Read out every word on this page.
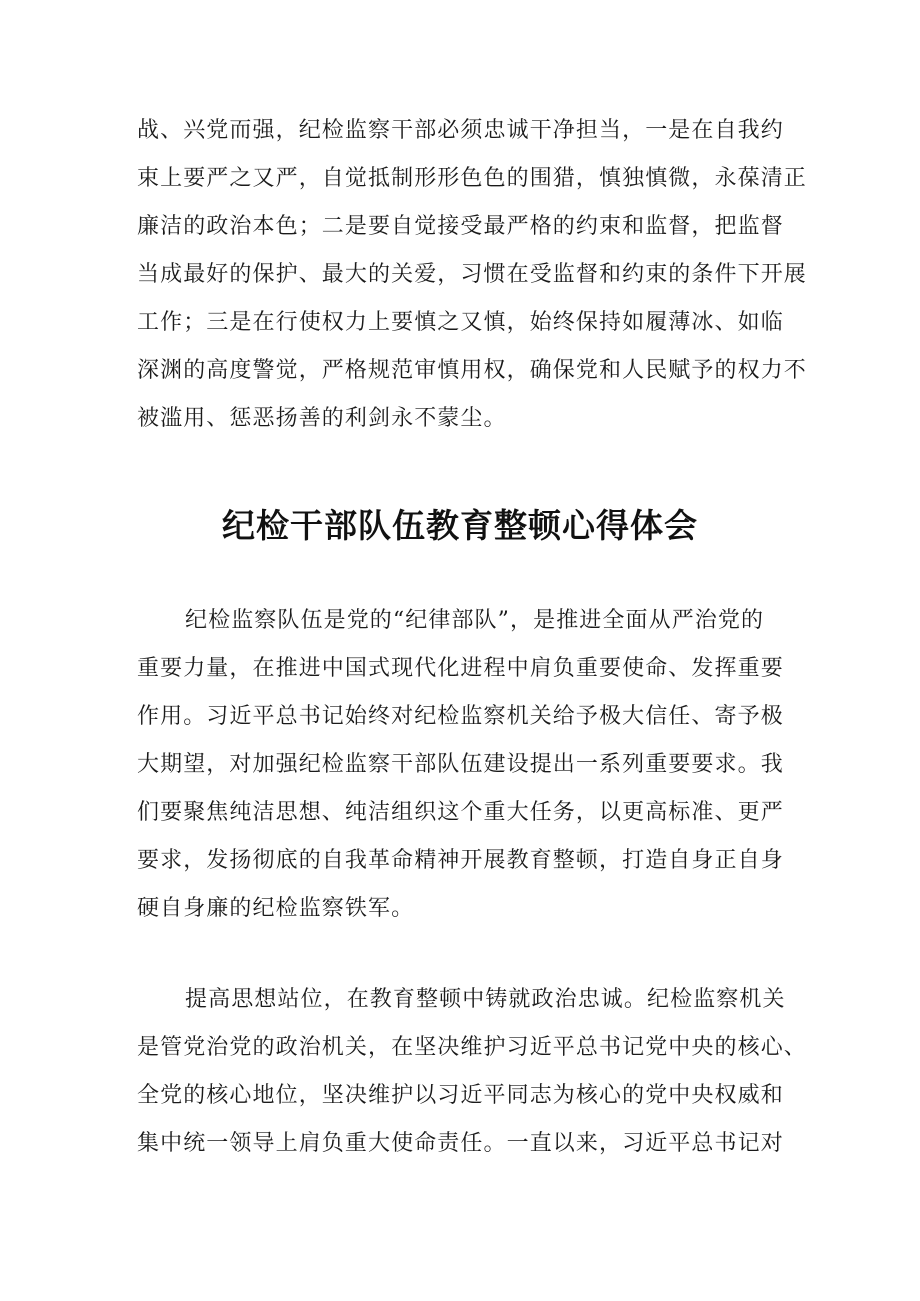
战、兴党而强，纪检监察干部必须忠诚干净担当，一是在自我约
束上要严之又严，自觉抵制形形色色的围猎，慎独慎微，永葆清正
廉洁的政治本色；二是要自觉接受最严格的约束和监督，把监督
当成最好的保护、最大的关爱，习惯在受监督和约束的条件下开展
工作；三是在行使权力上要慎之又慎，始终保持如履薄冰、如临
深渊的高度警觉，严格规范审慎用权，确保党和人民赋予的权力不
被滥用、惩恶扬善的利剑永不蒙尘。
纪检干部队伍教育整顿心得体会
纪检监察队伍是党的“纪律部队”，是推进全面从严治党的
重要力量，在推进中国式现代化进程中肩负重要使命、发挥重要
作用。习近平总书记始终对纪检监察机关给予极大信任、寄予极
大期望，对加强纪检监察干部队伍建设提出一系列重要要求。我
们要聚焦纯洁思想、纯洁组织这个重大任务，以更高标准、更严
要求，发扬彻底的自我革命精神开展教育整顿，打造自身正自身
硬自身廉的纪检监察铁军。
提高思想站位，在教育整顿中铸就政治忠诚。纪检监察机关
是管党治党的政治机关，在坚决维护习近平总书记党中央的核心、
全党的核心地位，坚决维护以习近平同志为核心的党中央权威和
集中统一领导上肩负重大使命责任。一直以来，习近平总书记对
